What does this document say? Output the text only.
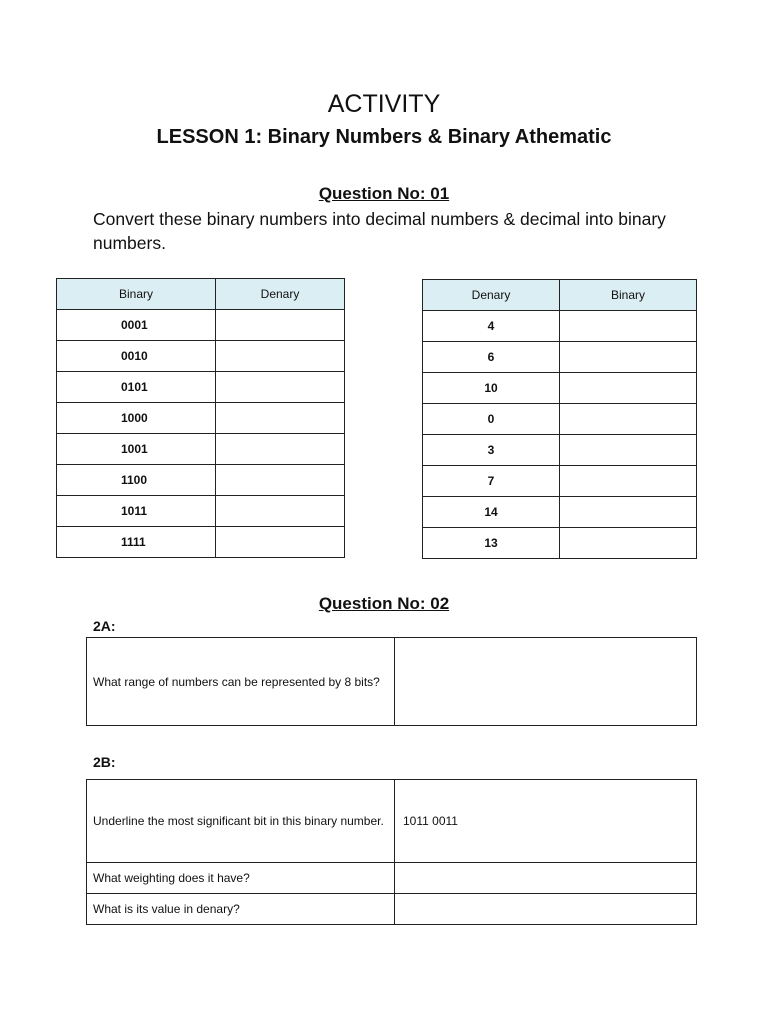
ACTIVITY
LESSON 1: Binary Numbers & Binary Athematic
Question No: 01
Convert these binary numbers into decimal numbers & decimal into binary numbers.
Binary	Denary
0001	
0010	
0101	
1000	
1001	
1100	
1011	
1111	
Denary	Binary
4	
6	
10	
0	
3	
7	
14	
13	
Question No: 02
2A:
What range of numbers can be represented by 8 bits?	
2B:
Underline the most significant bit in this binary number.	1011 0011
What weighting does it have?	
What is its value in denary?	
